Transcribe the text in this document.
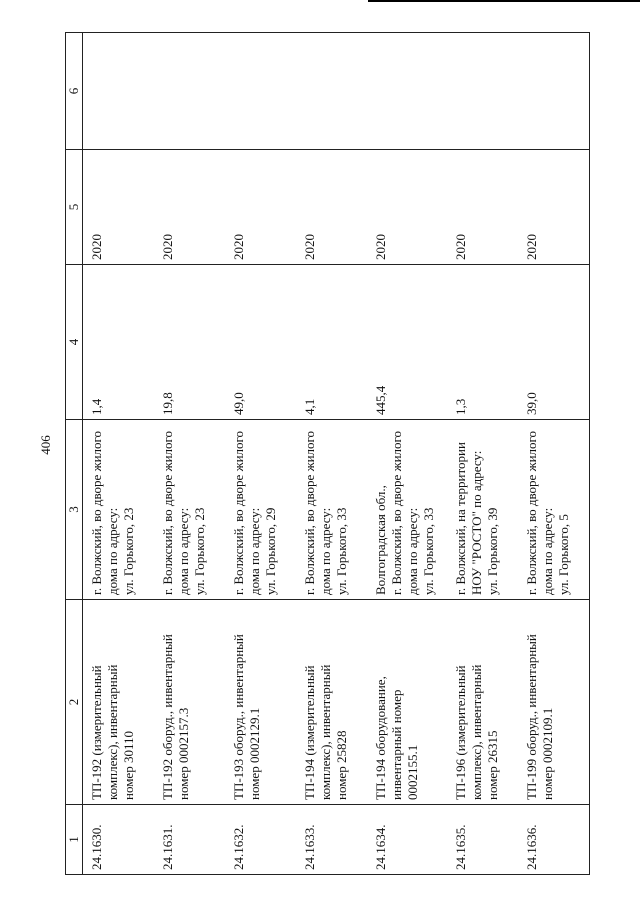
406
1	2	3	4	5	6
24.1630.	ТП-192 (измерительный
комплекс), инвентарный
номер 30110	г. Волжский, во дворе жилого
дома по адресу:
ул. Горького, 23	1,4	2020	
24.1631.	ТП-192 оборуд., инвентарный
номер 0002157.3	г. Волжский, во дворе жилого
дома по адресу:
ул. Горького, 23	19,8	2020	
24.1632.	ТП-193 оборуд., инвентарный
номер 0002129.1	г. Волжский, во дворе жилого
дома по адресу:
ул. Горького, 29	49,0	2020	
24.1633.	ТП-194 (измерительный
комплекс), инвентарный
номер 25828	г. Волжский, во дворе жилого
дома по адресу:
ул. Горького, 33	4,1	2020	
24.1634.	ТП-194 оборудование,
инвентарный номер
0002155.1	Волгоградская обл.,
г. Волжский, во дворе жилого
дома по адресу:
ул. Горького, 33	445,4	2020	
24.1635.	ТП-196 (измерительный
комплекс), инвентарный
номер 26315	г. Волжский, на территории
НОУ "РОСТО" по адресу:
ул. Горького, 39	1,3	2020	
24.1636.	ТП-199 оборуд., инвентарный
номер 0002109.1	г. Волжский, во дворе жилого
дома по адресу:
ул. Горького, 5	39,0	2020	
